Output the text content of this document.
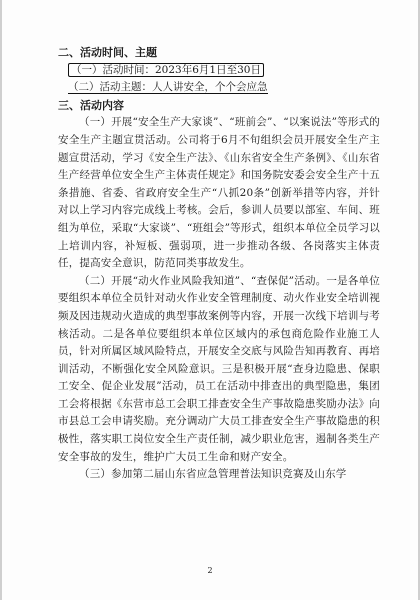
二、活动时间、主题

（一）活动时间：2023年6月1日至30日

（二）活动主题：人人讲安全，个个会应急

三、活动内容

（一）开展“安全生产大家谈”、“班前会”、“以案说法”等形式的安全生产主题宣贯活动。公司将于6月不旬组织会员开展安全生产主题宣贯活动，学习《安全生产法》、《山东省安全生产条例》、《山东省生产经营单位安全生产主体责任规定》和国务院安委会安全生产十五条措施、省委、省政府安全生产“八抓20条”创新举措等内容，并针对以上学习内容完成线上考核。会后，参训人员要以部室、车间、班组为单位，采取“大家谈”、“班组会”等形式，组织本单位全员学习以上培训内容，补短板、强弱项，进一步推动各级、各岗落实主体责任，提高安全意识，防范同类事故发生。

（二）开展“动火作业风险我知道”、“查保促”活动。一是各单位要组织本单位全员针对动火作业安全管理制度、动火作业安全培训视频及因违规动火造成的典型事故案例等内容，开展一次线下培训与考核活动。二是各单位要组织本单位区域内的承包商危险作业施工人员，针对所属区域风险特点，开展安全交底与风险告知再教育、再培训活动，不断强化安全风险意识。三是积极开展“查身边隐患、保职工安全、促企业发展”活动，员工在活动中排查出的典型隐患，集团工会将根据《东营市总工会职工排查安全生产事故隐患奖励办法》向市县总工会申请奖励。充分调动广大员工排查安全生产事故隐患的积极性，落实职工岗位安全生产责任制，减少职业危害，遏制各类生产安全事故的发生，维护广大员工生命和财产安全。

（三）参加第二届山东省应急管理普法知识竞赛及山东学

2
